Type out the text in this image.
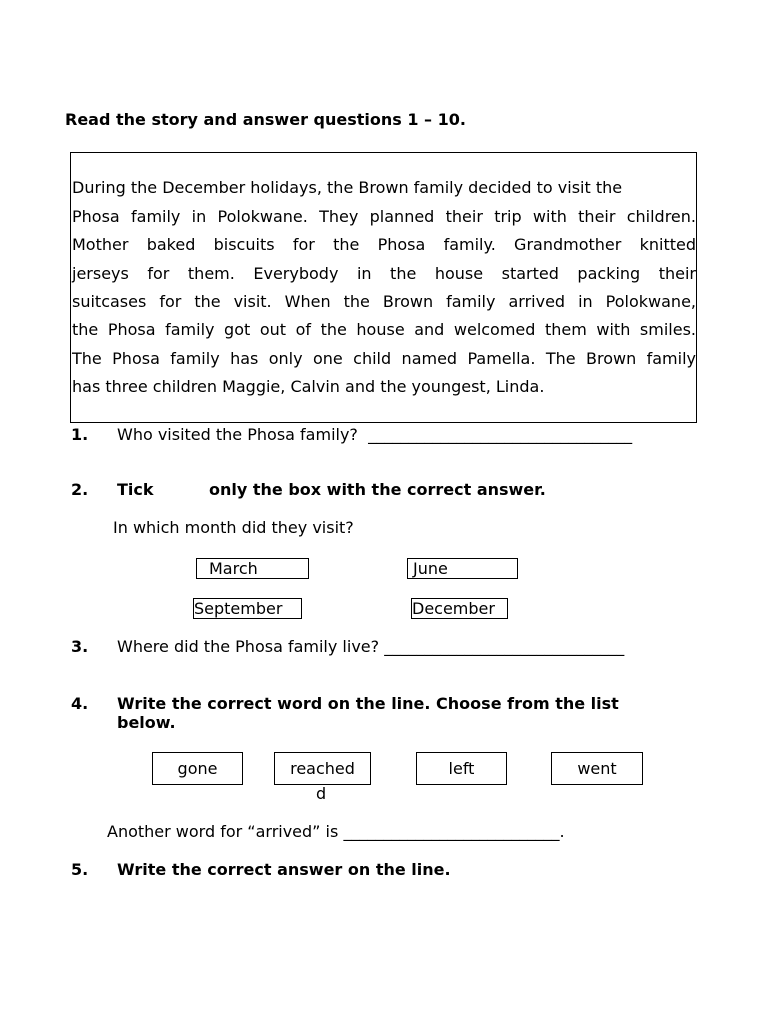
Read the story and answer questions 1 – 10.
During the December holidays, the Brown family decided to visit the
Phosa family in Polokwane. They planned their trip with their children.
Mother baked biscuits for the Phosa family. Grandmother knitted
jerseys for them. Everybody in the house started packing their
suitcases for the visit. When the Brown family arrived in Polokwane,
the Phosa family got out of the house and welcomed them with smiles.
The Phosa family has only one child named Pamella. The Brown family
has three children Maggie, Calvin and the youngest, Linda.
1. Who visited the Phosa family? _________________________________
2. Tick	only the box with the correct answer.
In which month did they visit?
March	June
September	December
3. Where did the Phosa family live? ______________________________
4. Write the correct word on the line. Choose from the list
below.
gone	reached
d
left	went
Another word for “arrived” is ___________________________.
5. Write the correct answer on the line.
